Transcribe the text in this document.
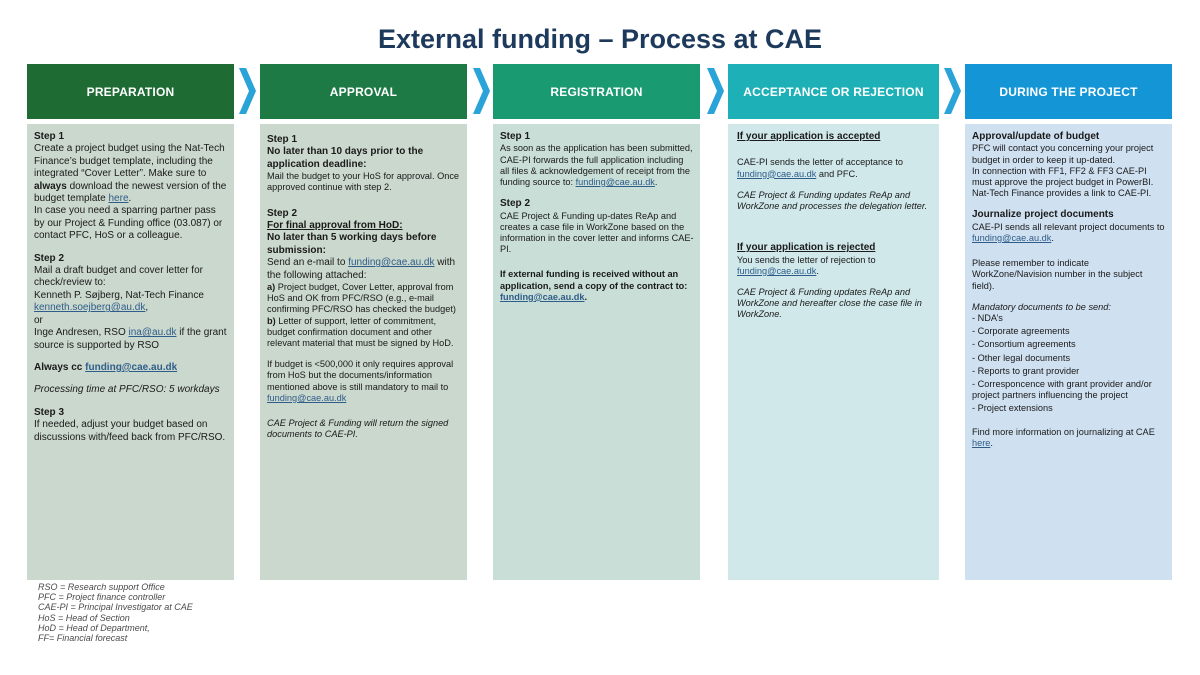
External funding – Process at CAE
PREPARATION	APPROVAL	REGISTRATION	ACCEPTANCE OR REJECTION	DURING THE PROJECT

Step 1

Create a project budget using the Nat-Tech Finance’s budget template, including the integrated “Cover Letter”. Make sure to always download the newest version of the budget template here.

In case you need a sparring partner pass by our Project & Funding office (03.087) or contact PFC, HoS or a colleague.

Step 2

Mail a draft budget and cover letter for check/review to:

Kenneth P. Søjberg, Nat-Tech Finance

kenneth.soejberg@au.dk,

or

Inge Andresen, RSO ina@au.dk if the grant source is supported by RSO

Always cc funding@cae.au.dk

Processing time at PFC/RSO: 5 workdays

Step 3

If needed, adjust your budget based on discussions with/feed back from PFC/RSO.

Step 1

No later than 10 days prior to the application deadline:

Mail the budget to your HoS for approval. Once approved continue with step 2.

Step 2

For final approval from HoD:

No later than 5 working days before submission:

Send an e-mail to funding@cae.au.dk with the following attached:

a) Project budget, Cover Letter, approval from HoS and OK from PFC/RSO (e.g., e-mail confirming PFC/RSO has checked the budget)

b) Letter of support, letter of commitment, budget confirmation document and other relevant material that must be signed by HoD.

If budget is <500,000 it only requires approval from HoS but the documents/information mentioned above is still mandatory to mail to funding@cae.au.dk

CAE Project & Funding will return the signed documents to CAE-PI.

Step 1

As soon as the application has been submitted, CAE-PI forwards the full application including all files & acknowledgement of receipt from the funding source to: funding@cae.au.dk.

Step 2

CAE Project & Funding up-dates ReAp and creates a case file in WorkZone based on the information in the cover letter and informs CAE-PI.

If external funding is received without an application, send a copy of the contract to: funding@cae.au.dk.

If your application is accepted

CAE-PI sends the letter of acceptance to funding@cae.au.dk and PFC.

CAE Project & Funding updates ReAp and WorkZone and processes the delegation letter.

If your application is rejected

You sends the letter of rejection to funding@cae.au.dk.

CAE Project & Funding updates ReAp and WorkZone and hereafter close the case file in WorkZone.

Approval/update of budget

PFC will contact you concerning your project budget in order to keep it up-dated.

In connection with FF1, FF2 & FF3 CAE-PI must approve the project budget in PowerBI. Nat-Tech Finance provides a link to CAE-PI.

Journalize project documents

CAE-PI sends all relevant project documents to funding@cae.au.dk.

Please remember to indicate WorkZone/Navision number in the subject field).

Mandatory documents to be send:

- NDA’s

- Corporate agreements

- Consortium agreements

- Other legal documents

- Reports to grant provider

- Corresponcence with grant provider and/or project partners influencing the project

- Project extensions

Find more information on journalizing at CAE here.

RSO = Research support Office
PFC = Project finance controller
CAE-PI = Principal Investigator at CAE
HoS = Head of Section
HoD = Head of Department,
FF= Financial forecast
